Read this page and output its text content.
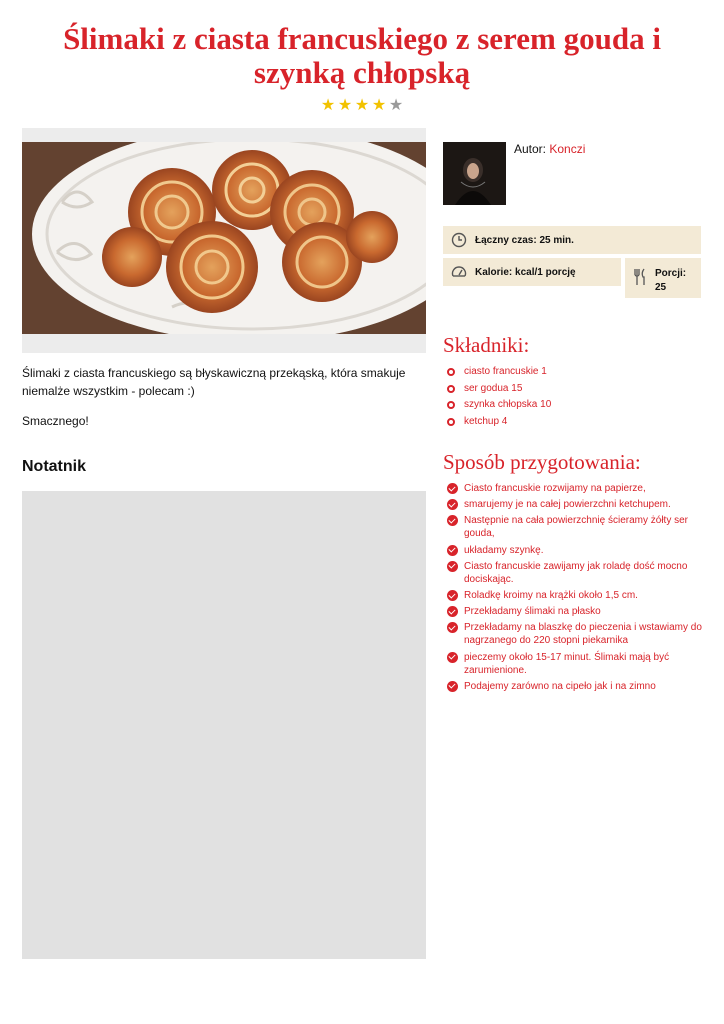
Ślimaki z ciasta francuskiego z serem gouda i szynką chłopską
★ ★ ★ ★ ★

Ślimaki z ciasta francuskiego są błyskawiczną przekąską, która smakuje niemalże wszystkim - polecam :)

Smacznego!

Notatnik
Autor: Konczi
Łączny czas: 25 min.
Kalorie: kcal/1 porcję	Porcji:
25
Składniki:
ciasto francuskie 1
ser godua 15
szynka chłopska 10
ketchup 4
Sposób przygotowania:
Ciasto francuskie rozwijamy na papierze,
smarujemy je na całej powierzchni ketchupem.
Następnie na cała powierzchnię ścieramy żółty ser gouda,
układamy szynkę.
Ciasto francuskie zawijamy jak roladę dość mocno dociskając.
Roladkę kroimy na krążki około 1,5 cm.
Przekładamy ślimaki na płasko
Przekładamy na blaszkę do pieczenia i wstawiamy do nagrzanego do 220 stopni piekarnika
pieczemy około 15-17 minut. Ślimaki mają być zarumienione.
Podajemy zarówno na cipeło jak i na zimno
